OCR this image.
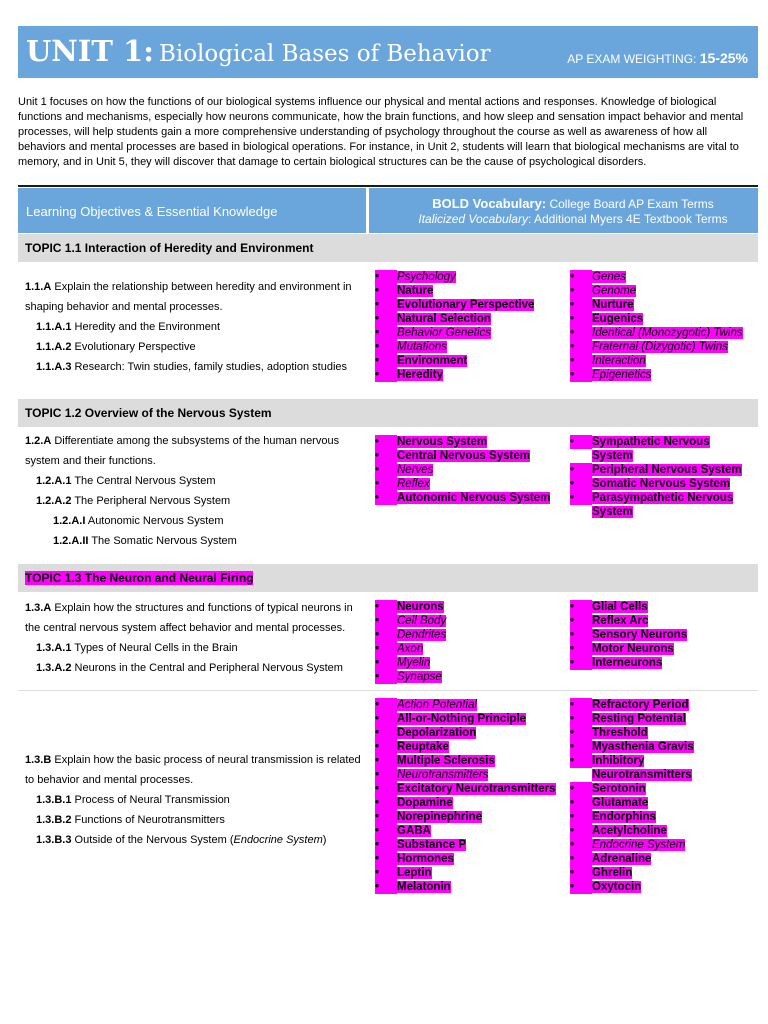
UNIT 1: Biological Bases of Behavior	AP EXAM WEIGHTING: 15-25%
Unit 1 focuses on how the functions of our biological systems influence our physical and mental actions and responses. Knowledge of biological functions and mechanisms, especially how neurons communicate, how the brain functions, and how sleep and sensation impact behavior and mental processes, will help students gain a more comprehensive understanding of psychology throughout the course as well as awareness of how all behaviors and mental processes are based in biological operations. For instance, in Unit 2, students will learn that biological mechanisms are vital to memory, and in Unit 5, they will discover that damage to certain biological structures can be the cause of psychological disorders.
Learning Objectives & Essential Knowledge
BOLD Vocabulary: College Board AP Exam Terms
Italicized Vocabulary: Additional Myers 4E Textbook Terms
TOPIC 1.1 Interaction of Heredity and Environment
1.1.A Explain the relationship between heredity and environment in shaping behavior and mental processes.
1.1.A.1 Heredity and the Environment
1.1.A.2 Evolutionary Perspective
1.1.A.3 Research: Twin studies, family studies, adoption studies
• Psychology
• Nature
• Evolutionary Perspective
• Natural Selection
• Behavior Genetics
• Mutations
• Environment
• Heredity
• Genes
• Genome
• Nurture
• Eugenics
• Identical (Monozygotic) Twins
• Fraternal (Dizygotic) Twins
• Interaction
• Epigenetics
TOPIC 1.2 Overview of the Nervous System
1.2.A Differentiate among the subsystems of the human nervous system and their functions.
1.2.A.1 The Central Nervous System
1.2.A.2 The Peripheral Nervous System
1.2.A.I Autonomic Nervous System
1.2.A.II The Somatic Nervous System
• Nervous System
• Central Nervous System
• Nerves
• Reflex
• Autonomic Nervous System
• Sympathetic Nervous System
• Peripheral Nervous System
• Somatic Nervous System
• Parasympathetic Nervous System
TOPIC 1.3 The Neuron and Neural Firing
1.3.A Explain how the structures and functions of typical neurons in the central nervous system affect behavior and mental processes.
1.3.A.1 Types of Neural Cells in the Brain
1.3.A.2 Neurons in the Central and Peripheral Nervous System
• Neurons
• Cell Body
• Dendrites
• Axon
• Myelin
• Synapse
• Glial Cells
• Reflex Arc
• Sensory Neurons
• Motor Neurons
• Interneurons
1.3.B Explain how the basic process of neural transmission is related to behavior and mental processes.
1.3.B.1 Process of Neural Transmission
1.3.B.2 Functions of Neurotransmitters
1.3.B.3 Outside of the Nervous System (Endocrine System)
• Action Potential
• All-or-Nothing Principle
• Depolarization
• Reuptake
• Multiple Sclerosis
• Neurotransmitters
• Excitatory Neurotransmitters
• Dopamine
• Norepinephrine
• GABA
• Substance P
• Hormones
• Leptin
• Melatonin
• Refractory Period
• Resting Potential
• Threshold
• Myasthenia Gravis
• Inhibitory Neurotransmitters
• Serotonin
• Glutamate
• Endorphins
• Acetylcholine
• Endocrine System
• Adrenaline
• Ghrelin
• Oxytocin
